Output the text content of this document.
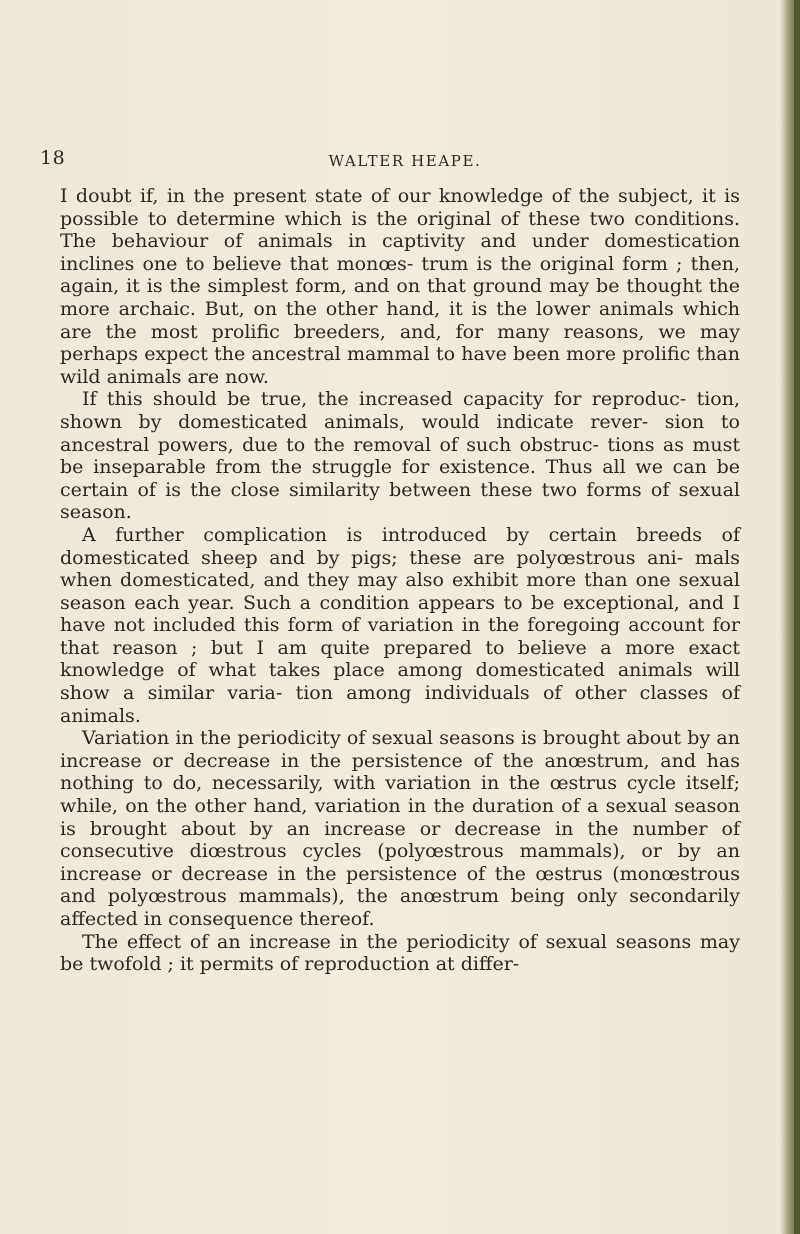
18	WALTER HEAPE.

I doubt if, in the present state of our knowledge of the subject, it is possible to determine which is the original of these two conditions. The behaviour of animals in captivity and under domestication inclines one to believe that monœs- trum is the original form ; then, again, it is the simplest form, and on that ground may be thought the more archaic. But, on the other hand, it is the lower animals which are the most prolific breeders, and, for many reasons, we may perhaps expect the ancestral mammal to have been more prolific than wild animals are now.

If this should be true, the increased capacity for reproduc- tion, shown by domesticated animals, would indicate rever- sion to ancestral powers, due to the removal of such obstruc- tions as must be inseparable from the struggle for existence. Thus all we can be certain of is the close similarity between these two forms of sexual season.

A further complication is introduced by certain breeds of domesticated sheep and by pigs; these are polyœstrous ani- mals when domesticated, and they may also exhibit more than one sexual season each year. Such a condition appears to be exceptional, and I have not included this form of variation in the foregoing account for that reason ; but I am quite prepared to believe a more exact knowledge of what takes place among domesticated animals will show a similar varia- tion among individuals of other classes of animals.

Variation in the periodicity of sexual seasons is brought about by an increase or decrease in the persistence of the anœstrum, and has nothing to do, necessarily, with variation in the œstrus cycle itself; while, on the other hand, variation in the duration of a sexual season is brought about by an increase or decrease in the number of consecutive diœstrous cycles (polyœstrous mammals), or by an increase or decrease in the persistence of the œstrus (monœstrous and polyœstrous mammals), the anœstrum being only secondarily affected in consequence thereof.

The effect of an increase in the periodicity of sexual seasons may be twofold ; it permits of reproduction at differ-
